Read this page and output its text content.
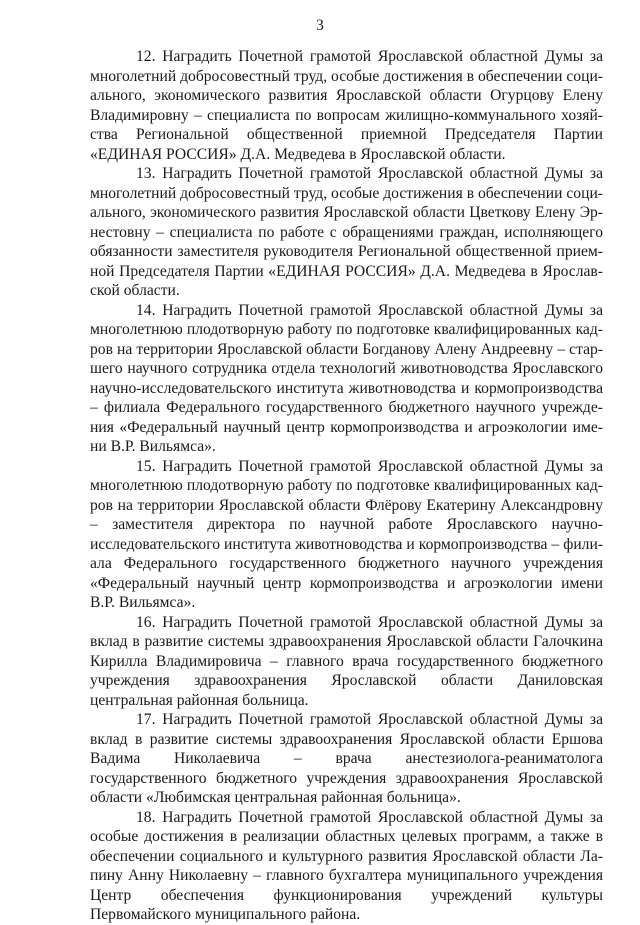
3

12. Наградить Почетной грамотой Ярославской областной Думы за многолетний добросовестный труд, особые достижения в обеспечении социального, экономического развития Ярославской области Огурцову Елену Владимировну – специалиста по вопросам жилищно-коммунального хозяйства Региональной общественной приемной Председателя Партии «ЕДИНАЯ РОССИЯ» Д.А. Медведева в Ярославской области.

13. Наградить Почетной грамотой Ярославской областной Думы за многолетний добросовестный труд, особые достижения в обеспечении социального, экономического развития Ярославской области Цветкову Елену Эрнестовну – специалиста по работе с обращениями граждан, исполняющего обязанности заместителя руководителя Региональной общественной приемной Председателя Партии «ЕДИНАЯ РОССИЯ» Д.А. Медведева в Ярославской области.

14. Наградить Почетной грамотой Ярославской областной Думы за многолетнюю плодотворную работу по подготовке квалифицированных кадров на территории Ярославской области Богданову Алену Андреевну – старшего научного сотрудника отдела технологий животноводства Ярославского научно-исследовательского института животноводства и кормопроизводства – филиала Федерального государственного бюджетного научного учреждения «Федеральный научный центр кормопроизводства и агроэкологии имени В.Р. Вильямса».

15. Наградить Почетной грамотой Ярославской областной Думы за многолетнюю плодотворную работу по подготовке квалифицированных кадров на территории Ярославской области Флёрову Екатерину Александровну – заместителя директора по научной работе Ярославского научно-исследовательского института животноводства и кормопроизводства – филиала Федерального государственного бюджетного научного учреждения «Федеральный научный центр кормопроизводства и агроэкологии имени В.Р. Вильямса».

16. Наградить Почетной грамотой Ярославской областной Думы за вклад в развитие системы здравоохранения Ярославской области Галочкина Кирилла Владимировича – главного врача государственного бюджетного учреждения здравоохранения Ярославской области Даниловская центральная районная больница.

17. Наградить Почетной грамотой Ярославской областной Думы за вклад в развитие системы здравоохранения Ярославской области Ершова Вадима Николаевича – врача анестезиолога-реаниматолога государственного бюджетного учреждения здравоохранения Ярославской области «Любимская центральная районная больница».

18. Наградить Почетной грамотой Ярославской областной Думы за особые достижения в реализации областных целевых программ, а также в обеспечении социального и культурного развития Ярославской области Лапину Анну Николаевну – главного бухгалтера муниципального учреждения Центр обеспечения функционирования учреждений культуры Первомайского муниципального района.
